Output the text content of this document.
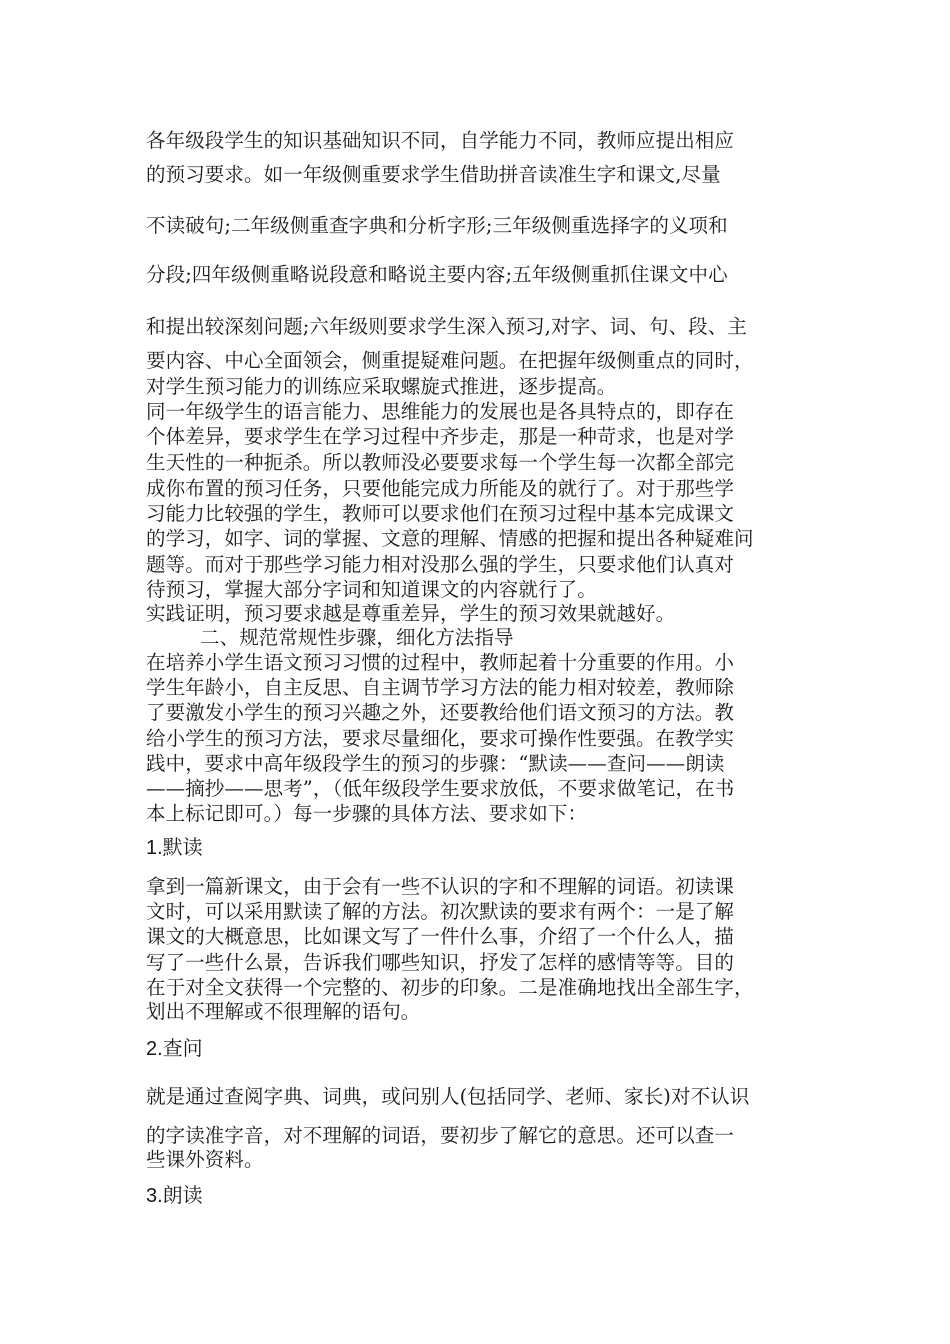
各年级段学生的知识基础知识不同，自学能力不同，教师应提出相应
的预习要求。如一年级侧重要求学生借助拼音读准生字和课文,尽量
不读破句;二年级侧重查字典和分析字形;三年级侧重选择字的义项和
分段;四年级侧重略说段意和略说主要内容;五年级侧重抓住课文中心
和提出较深刻问题;六年级则要求学生深入预习,对字、词、句、段、主
要内容、中心全面领会，侧重提疑难问题。在把握年级侧重点的同时，
对学生预习能力的训练应采取螺旋式推进，逐步提高。
同一年级学生的语言能力、思维能力的发展也是各具特点的，即存在
个体差异，要求学生在学习过程中齐步走，那是一种苛求，也是对学
生天性的一种扼杀。所以教师没必要要求每一个学生每一次都全部完
成你布置的预习任务，只要他能完成力所能及的就行了。对于那些学
习能力比较强的学生，教师可以要求他们在预习过程中基本完成课文
的学习，如字、词的掌握、文意的理解、情感的把握和提出各种疑难问
题等。而对于那些学习能力相对没那么强的学生，只要求他们认真对
待预习，掌握大部分字词和知道课文的内容就行了。
实践证明，预习要求越是尊重差异，学生的预习效果就越好。
二、规范常规性步骤，细化方法指导
在培养小学生语文预习习惯的过程中，教师起着十分重要的作用。小
学生年龄小，自主反思、自主调节学习方法的能力相对较差，教师除
了要激发小学生的预习兴趣之外，还要教给他们语文预习的方法。教
给小学生的预习方法，要求尽量细化，要求可操作性要强。在教学实
践中，要求中高年级段学生的预习的步骤：“默读——查问——朗读
——摘抄——思考”，（低年级段学生要求放低，不要求做笔记，在书
本上标记即可。）每一步骤的具体方法、要求如下：
1.默读
拿到一篇新课文，由于会有一些不认识的字和不理解的词语。初读课
文时，可以采用默读了解的方法。初次默读的要求有两个：一是了解
课文的大概意思，比如课文写了一件什么事，介绍了一个什么人，描
写了一些什么景，告诉我们哪些知识，抒发了怎样的感情等等。目的
在于对全文获得一个完整的、初步的印象。二是准确地找出全部生字，
划出不理解或不很理解的语句。
2.查问
就是通过查阅字典、词典，或问别人(包括同学、老师、家长)对不认识
的字读准字音，对不理解的词语，要初步了解它的意思。还可以查一
些课外资料。
3.朗读
